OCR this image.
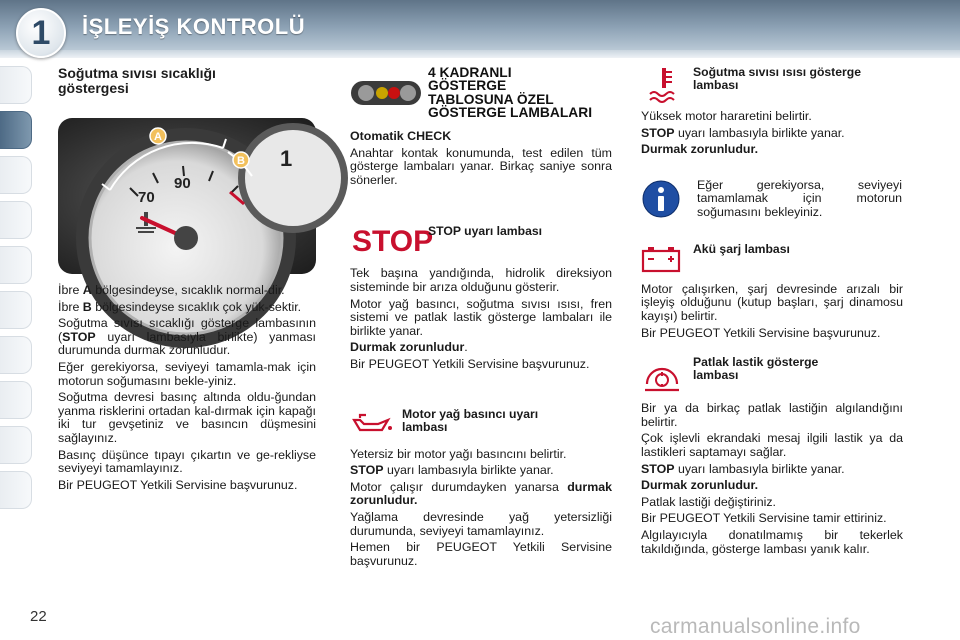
1 İŞLEYİŞ KONTROLÜ
Soğutma sıvısı sıcaklığı göstergesi
90
70
1
A
B

İbre A bölgesindeyse, sıcaklık normal-dir.

İbre B bölgesindeyse sıcaklık çok yük-sektir.

Soğutma sıvısı sıcaklığı gösterge lambasının (STOP uyarı lambasıyla birlikte) yanması durumunda durmak zorunludur.

Eğer gerekiyorsa, seviyeyi tamamla-mak için motorun soğumasını bekle-yiniz.

Soğutma devresi basınç altında oldu-ğundan yanma risklerini ortadan kal-dırmak için kapağı iki tur gevşetiniz ve basıncın düşmesini sağlayınız.

Basınç düşünce tıpayı çıkartın ve ge-rekliyse seviyeyi tamamlayınız.

Bir PEUGEOT Yetkili Servisine başvurunuz.

4 KADRANLI
GÖSTERGE
TABLOSUNA ÖZEL
GÖSTERGE LAMBALARI

Otomatik CHECK

Anahtar kontak konumunda, test edilen tüm gösterge lambaları yanar. Birkaç saniye sonra sönerler.

STOP
STOP uyarı lambası

Tek başına yandığında, hidrolik direksiyon sisteminde bir arıza olduğunu gösterir.

Motor yağ basıncı, soğutma sıvısı ısısı, fren sistemi ve patlak lastik gösterge lambaları ile birlikte yanar.

Durmak zorunludur.

Bir PEUGEOT Yetkili Servisine başvurunuz.

Motor yağ basıncı uyarı lambası

Yetersiz bir motor yağı basıncını belirtir.

STOP uyarı lambasıyla birlikte yanar.

Motor çalışır durumdayken yanarsa durmak zorunludur.

Yağlama devresinde yağ yetersizliği durumunda, seviyeyi tamamlayınız.

Hemen bir PEUGEOT Yetkili Servisine başvurunuz.

Soğutma sıvısı ısısı gösterge lambası

Yüksek motor hararetini belirtir.

STOP uyarı lambasıyla birlikte yanar.

Durmak zorunludur.

Eğer gerekiyorsa, seviyeyi tamamlamak için motorun soğumasını bekleyiniz.

Akü şarj lambası

Motor çalışırken, şarj devresinde arızalı bir işleyiş olduğunu (kutup başları, şarj dinamosu kayışı) belirtir.

Bir PEUGEOT Yetkili Servisine başvurunuz.

Patlak lastik gösterge lambası

Bir ya da birkaç patlak lastiğin algılandığını belirtir.

Çok işlevli ekrandaki mesaj ilgili lastik ya da lastikleri saptamayı sağlar.

STOP uyarı lambasıyla birlikte yanar.

Durmak zorunludur.

Patlak lastiği değiştiriniz.

Bir PEUGEOT Yetkili Servisine tamir ettiriniz.

Algılayıcıyla donatılmamış bir tekerlek takıldığında, gösterge lambası yanık kalır.

22	carmanualsonline.info
